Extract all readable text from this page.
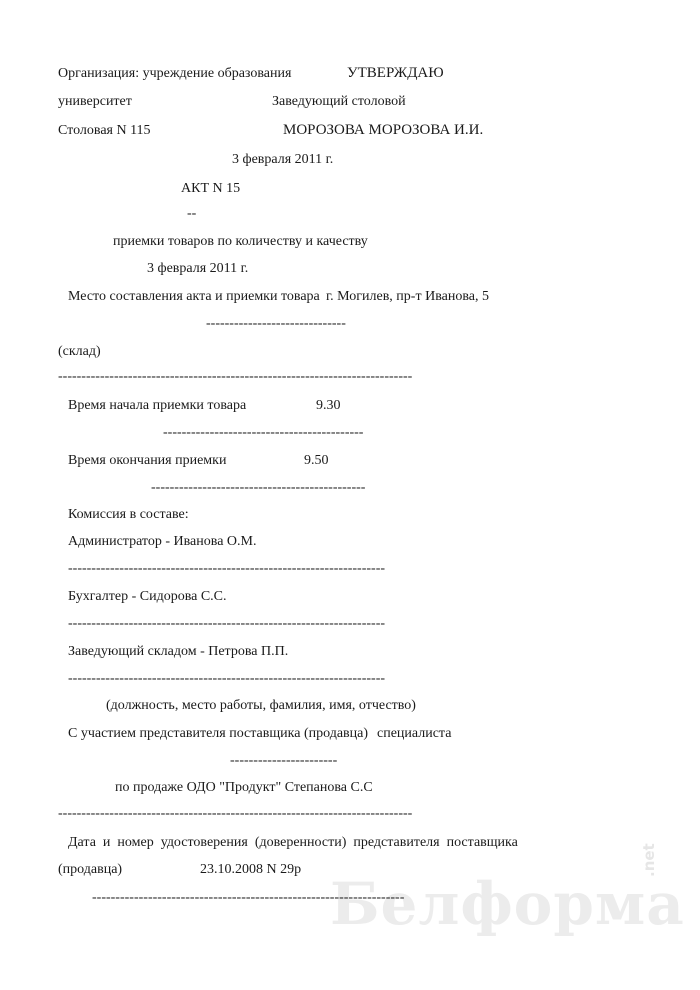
Белформа
.net
Организация: учреждение образования	УТВЕРЖДАЮ
университет	Заведующий столовой
Столовая N 115	МОРОЗОВА МОРОЗОВА И.И.
3 февраля 2011 г.
АКТ N 15
--
приемки товаров по количеству и качеству
3 февраля 2011 г.
Место составления акта и приемки товара г. Могилев, пр-т Иванова, 5
------------------------------
(склад)
----------------------------------------------------------------------------
Время начала приемки товара	9.30
-------------------------------------------
Время окончания приемки	9.50
----------------------------------------------
Комиссия в составе:
Администратор - Иванова О.М.
--------------------------------------------------------------------
Бухгалтер - Сидорова С.С.
--------------------------------------------------------------------
Заведующий складом - Петрова П.П.
--------------------------------------------------------------------
(должность, место работы, фамилия, имя, отчество)
С участием представителя поставщика (продавца) специалиста
-----------------------
по продаже ОДО "Продукт" Степанова С.С
----------------------------------------------------------------------------
Дата  и  номер  удостоверения  (доверенности)  представителя  поставщика
(продавца)	23.10.2008 N 29р
-------------------------------------------------------------------
